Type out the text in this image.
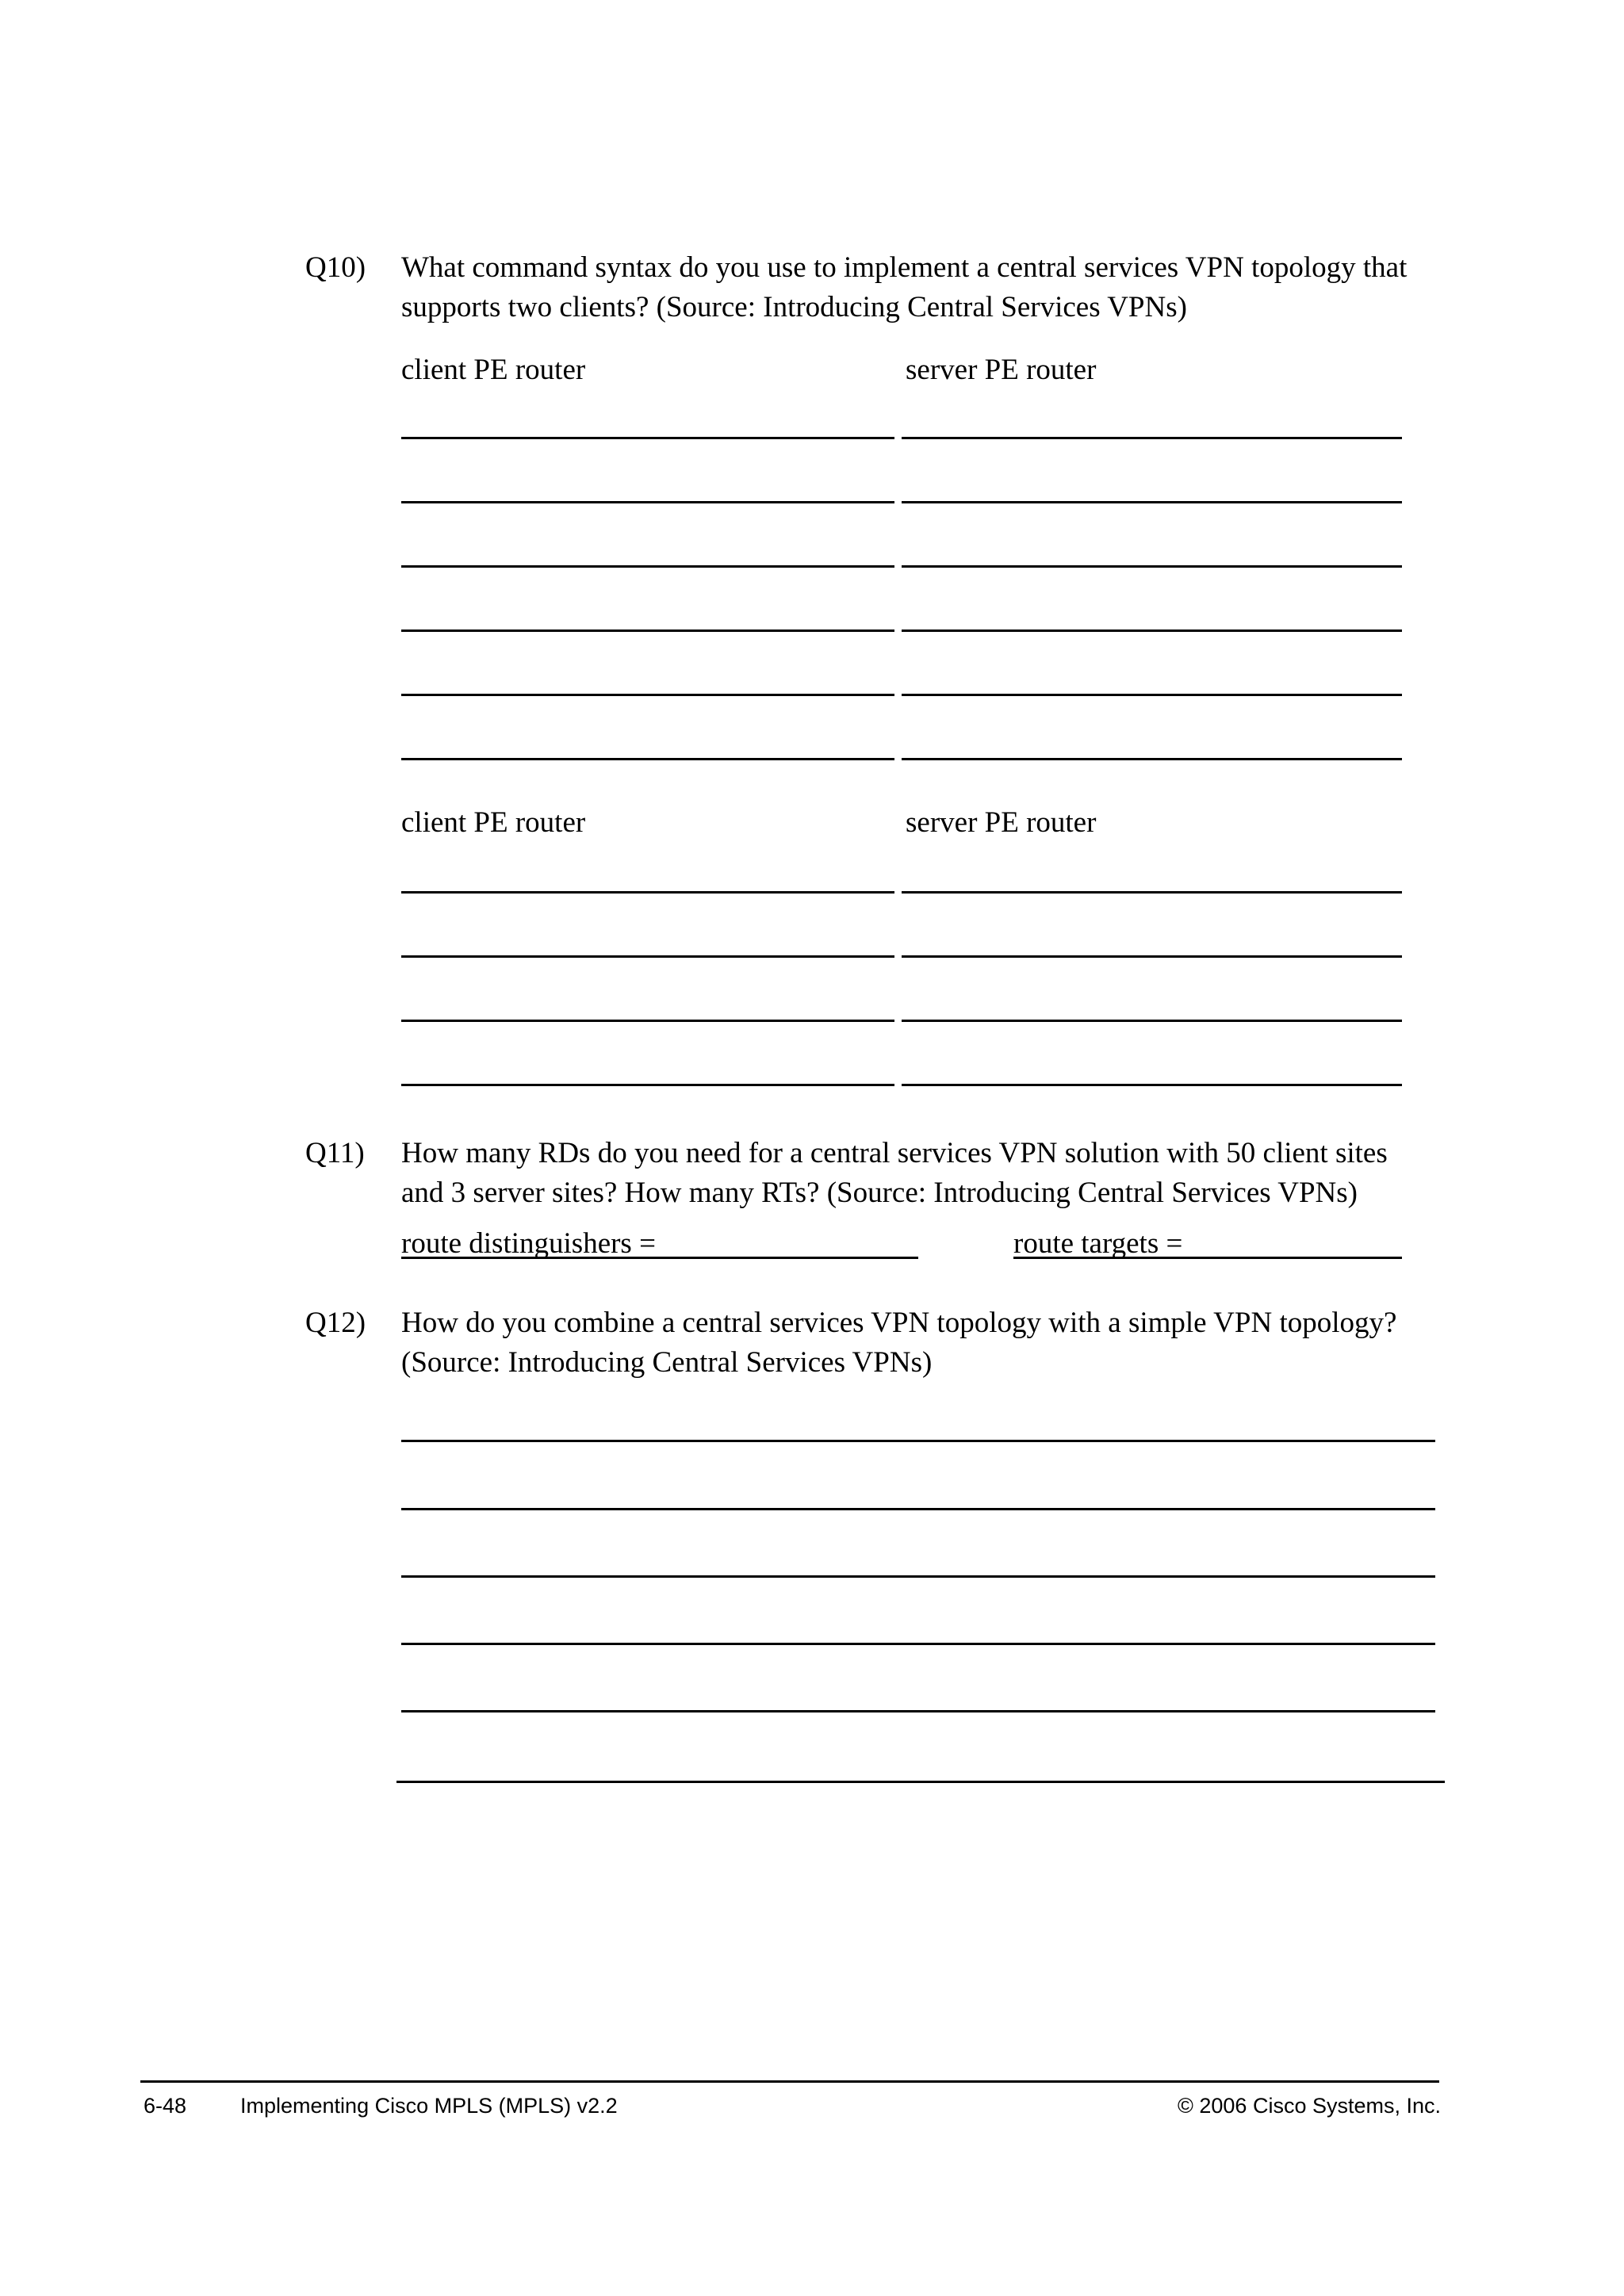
Q10) What command syntax do you use to implement a central services VPN topology that
supports two clients? (Source: Introducing Central Services VPNs)
client PE router	server PE router
client PE router	server PE router
Q11) How many RDs do you need for a central services VPN solution with 50 client sites
and 3 server sites? How many RTs? (Source: Introducing Central Services VPNs)
route distinguishers =	route targets =
Q12) How do you combine a central services VPN topology with a simple VPN topology?
(Source: Introducing Central Services VPNs)
6-48	Implementing Cisco MPLS (MPLS) v2.2	© 2006 Cisco Systems, Inc.
